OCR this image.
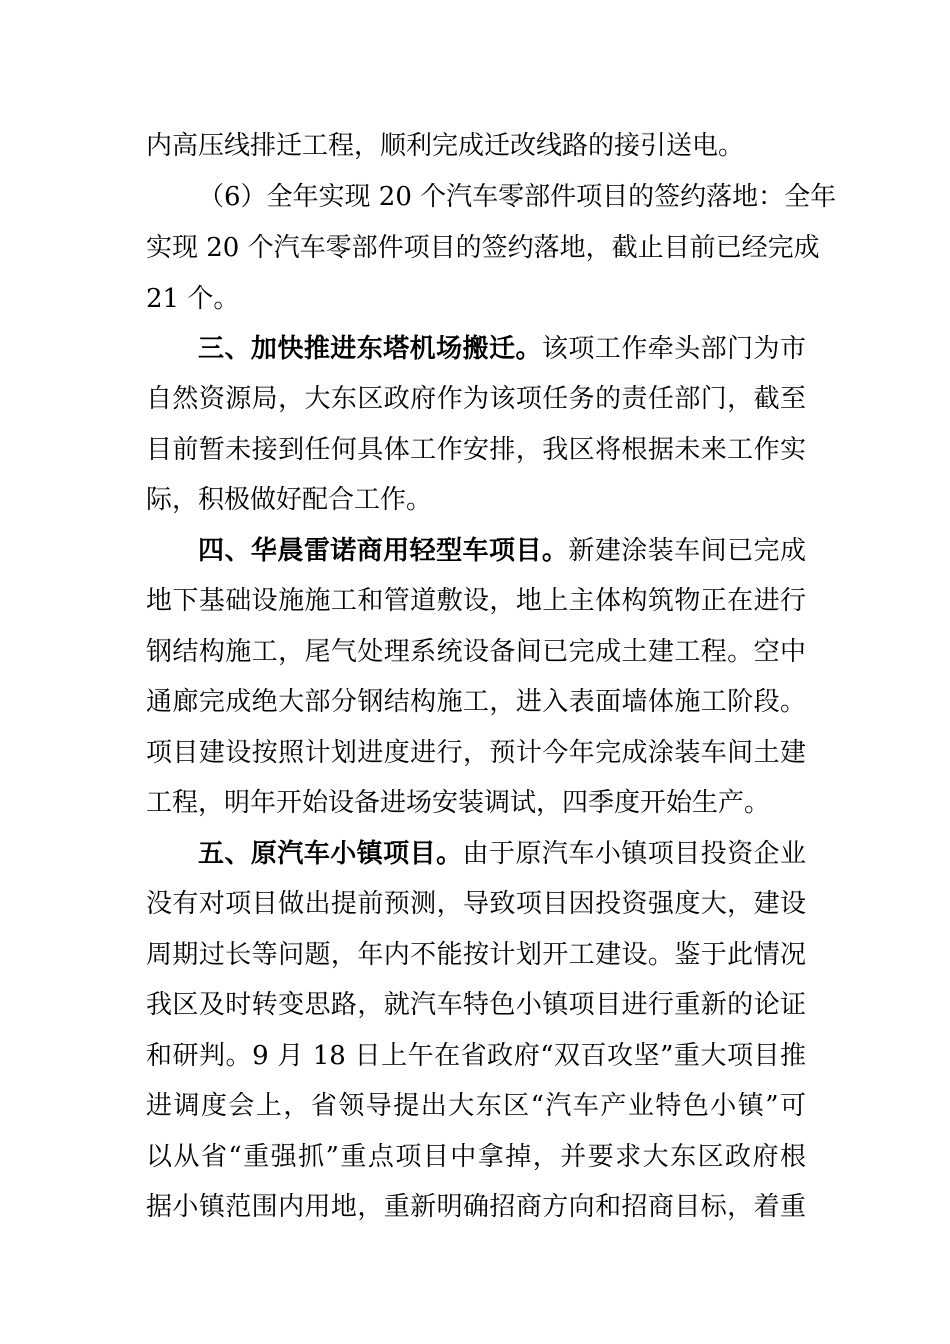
内高压线排迁工程，顺利完成迁改线路的接引送电。
（6）全年实现 20 个汽车零部件项目的签约落地：全年
实现 20 个汽车零部件项目的签约落地，截止目前已经完成
21 个。
三、加快推进东塔机场搬迁。该项工作牵头部门为市
自然资源局，大东区政府作为该项任务的责任部门，截至
目前暂未接到任何具体工作安排，我区将根据未来工作实
际，积极做好配合工作。
四、华晨雷诺商用轻型车项目。新建涂装车间已完成
地下基础设施施工和管道敷设，地上主体构筑物正在进行
钢结构施工，尾气处理系统设备间已完成土建工程。空中
通廊完成绝大部分钢结构施工，进入表面墙体施工阶段。
项目建设按照计划进度进行，预计今年完成涂装车间土建
工程，明年开始设备进场安装调试，四季度开始生产。
五、原汽车小镇项目。由于原汽车小镇项目投资企业
没有对项目做出提前预测，导致项目因投资强度大，建设
周期过长等问题，年内不能按计划开工建设。鉴于此情况
我区及时转变思路，就汽车特色小镇项目进行重新的论证
和研判。9 月 18 日上午在省政府“双百攻坚”重大项目推
进调度会上，省领导提出大东区“汽车产业特色小镇”可
以从省“重强抓”重点项目中拿掉，并要求大东区政府根
据小镇范围内用地，重新明确招商方向和招商目标，着重
